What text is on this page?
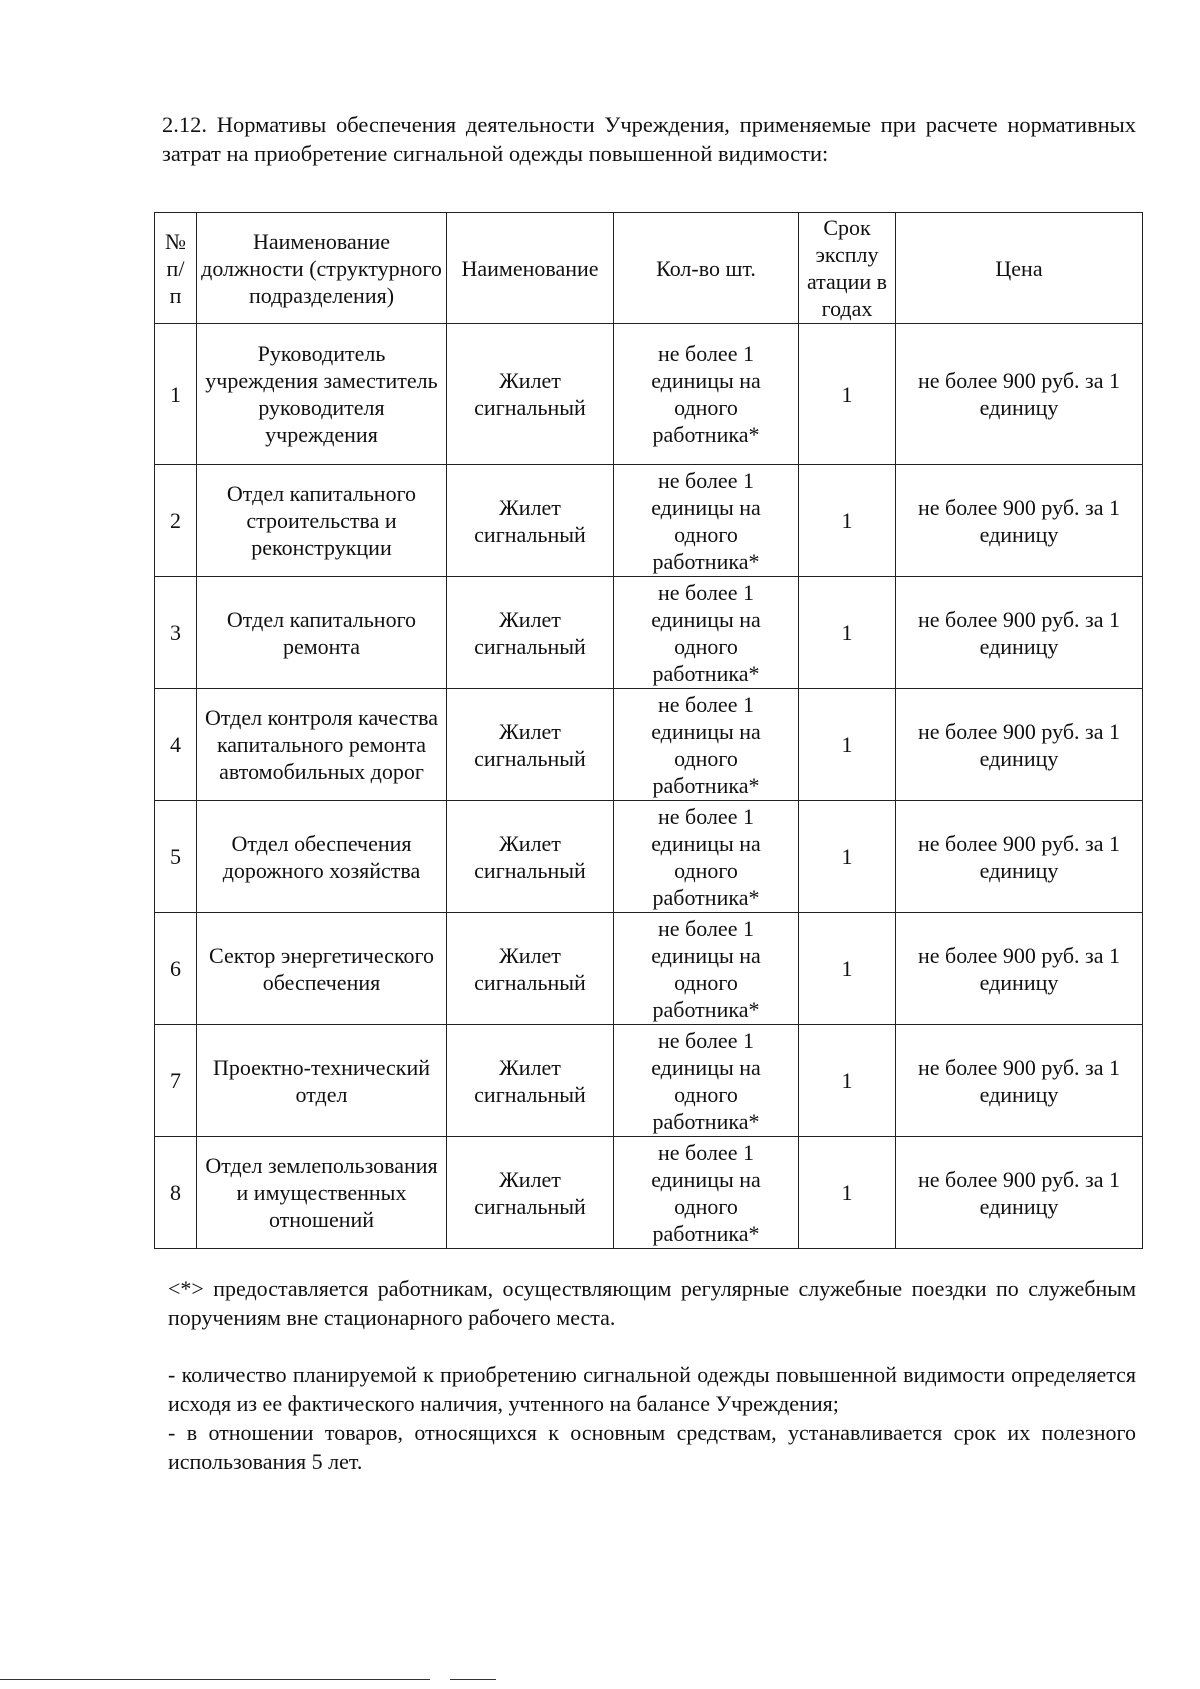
2.12. Нормативы обеспечения деятельности Учреждения, применяемые при расчете нормативных затрат на приобретение сигнальной одежды повышенной видимости:

№ п/ п	Наименование должности (структурного подразделения)	Наименование	Кол-во шт.	Срок эксплу атации в годах	Цена
1	Руководитель учреждения заместитель руководителя учреждения	Жилет сигнальный	не более 1 единицы на одного работника*	1	не более 900 руб. за 1 единицу
2	Отдел капитального строительства и реконструкции	Жилет сигнальный	не более 1 единицы на одного работника*	1	не более 900 руб. за 1 единицу
3	Отдел капитального ремонта	Жилет сигнальный	не более 1 единицы на одного работника*	1	не более 900 руб. за 1 единицу
4	Отдел контроля качества капитального ремонта автомобильных дорог	Жилет сигнальный	не более 1 единицы на одного работника*	1	не более 900 руб. за 1 единицу
5	Отдел обеспечения дорожного хозяйства	Жилет сигнальный	не более 1 единицы на одного работника*	1	не более 900 руб. за 1 единицу
6	Сектор энергетического обеспечения	Жилет сигнальный	не более 1 единицы на одного работника*	1	не более 900 руб. за 1 единицу
7	Проектно-технический отдел	Жилет сигнальный	не более 1 единицы на одного работника*	1	не более 900 руб. за 1 единицу
8	Отдел землепользования и имущественных отношений	Жилет сигнальный	не более 1 единицы на одного работника*	1	не более 900 руб. за 1 единицу

<*> предоставляется работникам, осуществляющим регулярные служебные поездки по служебным поручениям вне стационарного рабочего места.

- количество планируемой к приобретению сигнальной одежды повышенной видимости определяется исходя из ее фактического наличия, учтенного на балансе Учреждения;

- в отношении товаров, относящихся к основным средствам, устанавливается срок их полезного использования 5 лет.
